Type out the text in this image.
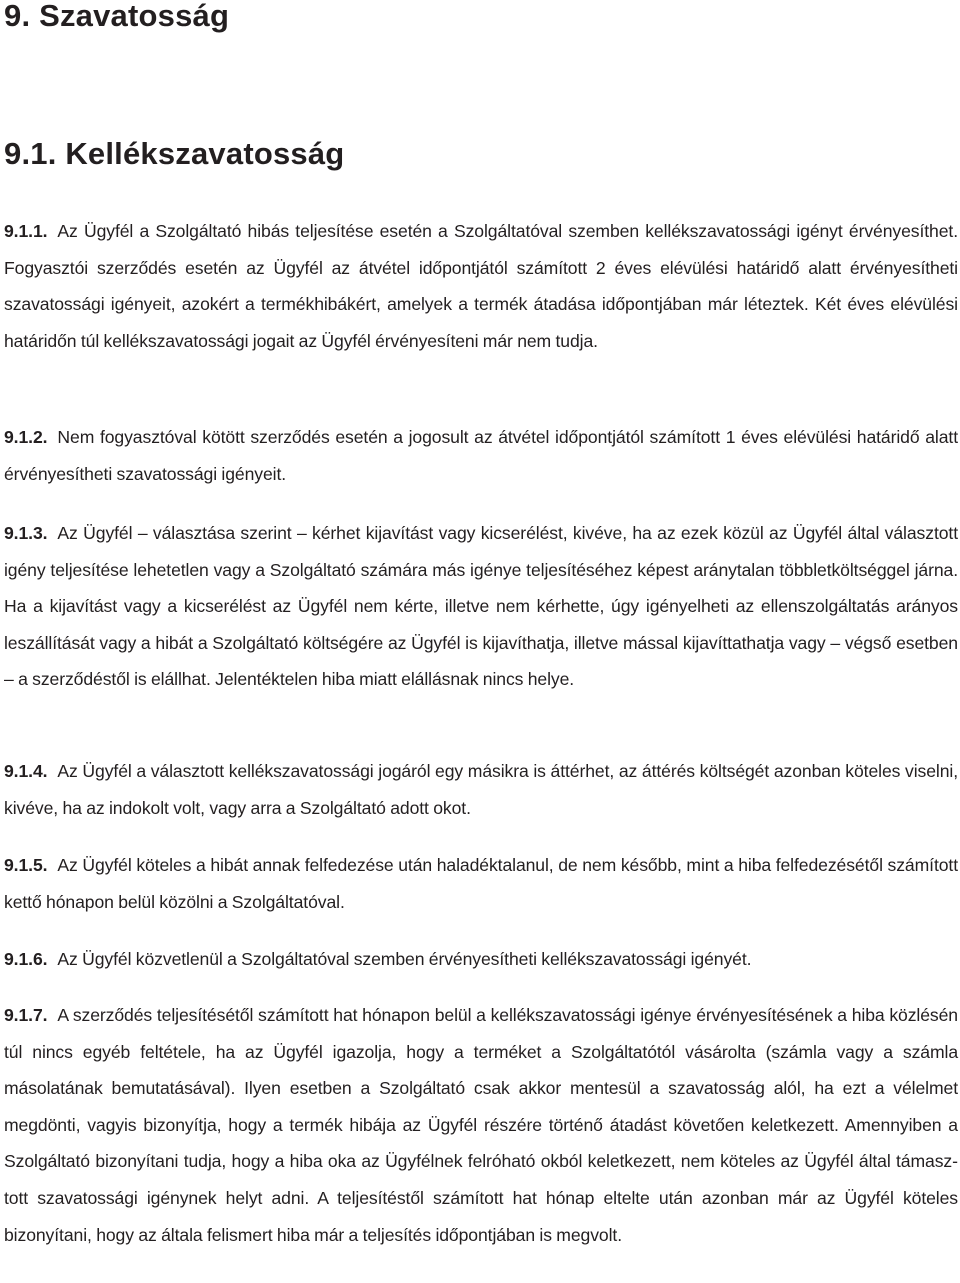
9. Szavatosság
9.1. Kellékszavatosság

9.1.1. Az Ügyfél a Szolgáltató hibás teljesítése esetén a Szolgáltatóval szemben kellékszavatossági igényt érvényesíthet. Fogyasztói szerződés esetén az Ügyfél az átvétel időpontjától számított 2 éves elévülési határidő alatt érvényesítheti szavatossági igényeit, azokért a termékhibákért, amelyek a termék átadása időpontjában már léteztek. Két éves elévülési határidőn túl kellékszavatossági jogait az Ügyfél érvényesíteni már nem tudja.

9.1.2. Nem fogyasztóval kötött szerződés esetén a jogosult az átvétel időpontjától számított 1 éves elévülési határidő alatt érvényesítheti szavatossági igényeit.

9.1.3. Az Ügyfél – választása szerint – kérhet kijavítást vagy kicserélést, kivéve, ha az ezek közül az Ügyfél által választott igény teljesítése lehetetlen vagy a Szolgáltató számára más igénye teljesítéséhez képest aránytalan többletköltséggel járna. Ha a kijavítást vagy a kicserélést az Ügyfél nem kérte, illetve nem kérhette, úgy igényelheti az ellenszolgáltatás arányos leszállítását vagy a hibát a Szolgáltató költségére az Ügyfél is kijavíthatja, illetve mással kijavíttathatja vagy – végső esetben – a szerződéstől is elállhat. Jelentéktelen hiba miatt elállásnak nincs helye.

9.1.4. Az Ügyfél a választott kellékszavatossági jogáról egy másikra is áttérhet, az áttérés költségét azonban köteles viselni, kivéve, ha az indokolt volt, vagy arra a Szolgáltató adott okot.

9.1.5. Az Ügyfél köteles a hibát annak felfedezése után haladéktalanul, de nem később, mint a hiba felfedezésétől számított kettő hónapon belül közölni a Szolgáltatóval.

9.1.6. Az Ügyfél közvetlenül a Szolgáltatóval szemben érvényesítheti kellékszavatossági igényét.

9.1.7. A szerződés teljesítésétől számított hat hónapon belül a kellékszavatossági igénye érvényesítésének a hiba közlésén túl nincs egyéb feltétele, ha az Ügyfél igazolja, hogy a terméket a Szolgáltatótól vásárolta (számla vagy a számla másolatának bemutatásával). Ilyen esetben a Szolgáltató csak akkor mentesül a szavatosság alól, ha ezt a vélelmet megdönti, vagyis bizonyítja, hogy a termék hibája az Ügyfél részére történő átadást követően keletkezett. Amennyiben a Szolgáltató bizonyítani tudja, hogy a hiba oka az Ügyfélnek felróható okból keletkezett, nem köteles az Ügyfél által támasztott szavatossági igénynek helyt adni. A teljesítéstől számított hat hónap eltelte után azonban már az Ügyfél köteles bizonyítani, hogy az általa felismert hiba már a teljesítés időpontjában is megvolt.
